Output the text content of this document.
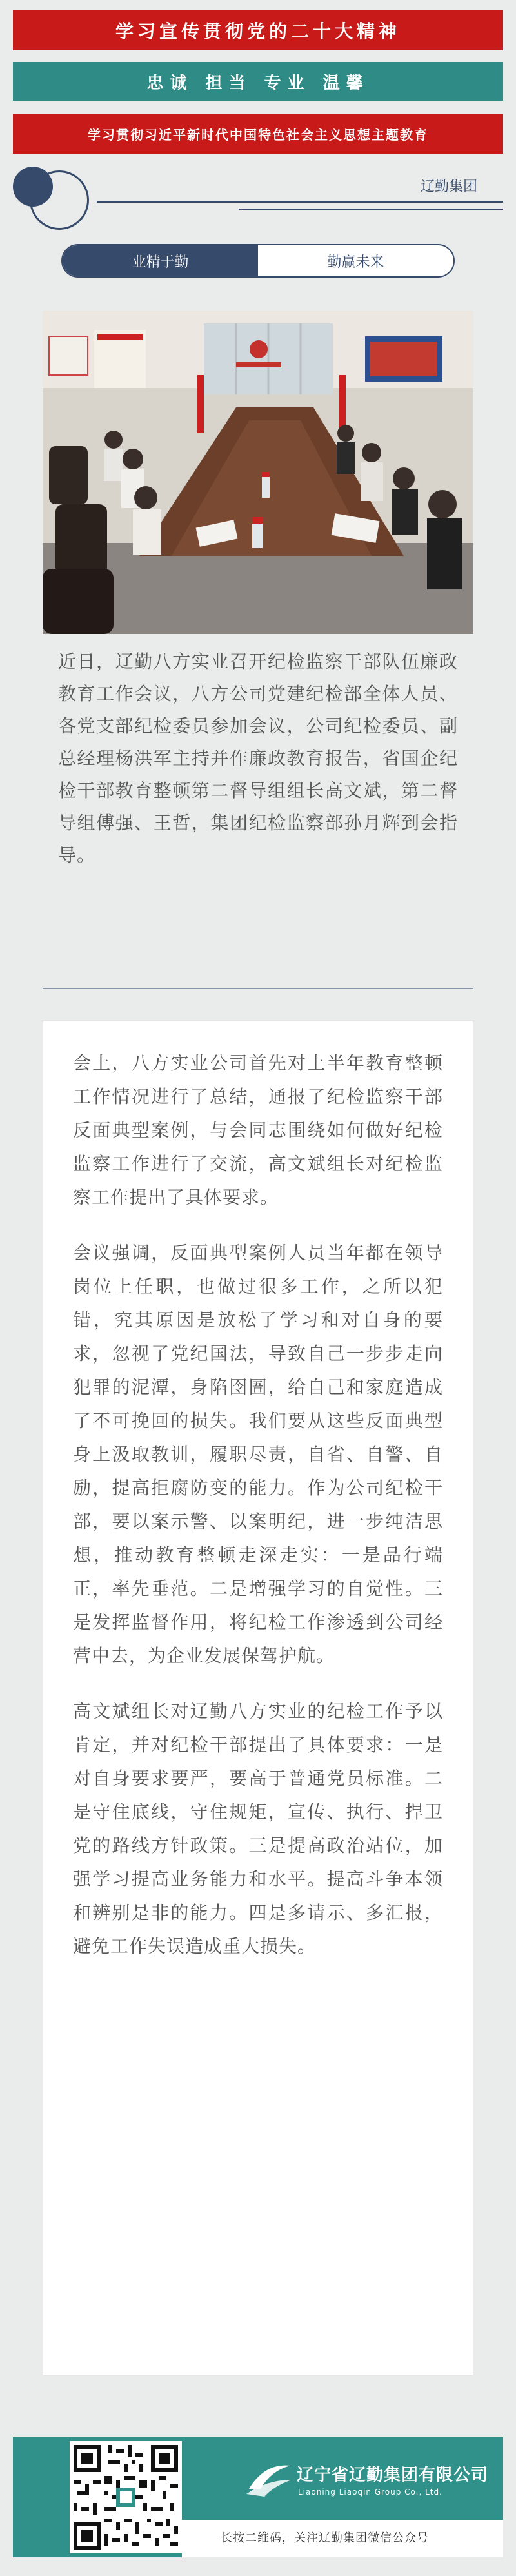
学习宣传贯彻党的二十大精神
忠诚 担当 专业 温馨
学习贯彻习近平新时代中国特色社会主义思想主题教育
辽勤集团
业精于勤	勤赢未来
近日，辽勤八方实业召开纪检监察干部队伍廉政教育工作会议，八方公司党建纪检部全体人员、各党支部纪检委员参加会议，公司纪检委员、副总经理杨洪军主持并作廉政教育报告，省国企纪检干部教育整顿第二督导组组长高文斌，第二督导组傅强、王哲，集团纪检监察部孙月辉到会指导。

会上，八方实业公司首先对上半年教育整顿工作情况进行了总结，通报了纪检监察干部反面典型案例，与会同志围绕如何做好纪检监察工作进行了交流，高文斌组长对纪检监察工作提出了具体要求。

会议强调，反面典型案例人员当年都在领导岗位上任职，也做过很多工作，之所以犯错，究其原因是放松了学习和对自身的要求，忽视了党纪国法，导致自己一步步走向犯罪的泥潭，身陷囹圄，给自己和家庭造成了不可挽回的损失。我们要从这些反面典型身上汲取教训，履职尽责，自省、自警、自励，提高拒腐防变的能力。作为公司纪检干部，要以案示警、以案明纪，进一步纯洁思想，推动教育整顿走深走实：一是品行端正，率先垂范。二是增强学习的自觉性。三是发挥监督作用，将纪检工作渗透到公司经营中去，为企业发展保驾护航。

高文斌组长对辽勤八方实业的纪检工作予以肯定，并对纪检干部提出了具体要求：一是对自身要求要严，要高于普通党员标准。二是守住底线，守住规矩，宣传、执行、捍卫党的路线方针政策。三是提高政治站位，加强学习提高业务能力和水平。提高斗争本领和辨别是非的能力。四是多请示、多汇报，避免工作失误造成重大损失。

辽宁省辽勤集团有限公司
Liaoning Liaoqin Group Co., Ltd.
长按二维码，关注辽勤集团微信公众号
